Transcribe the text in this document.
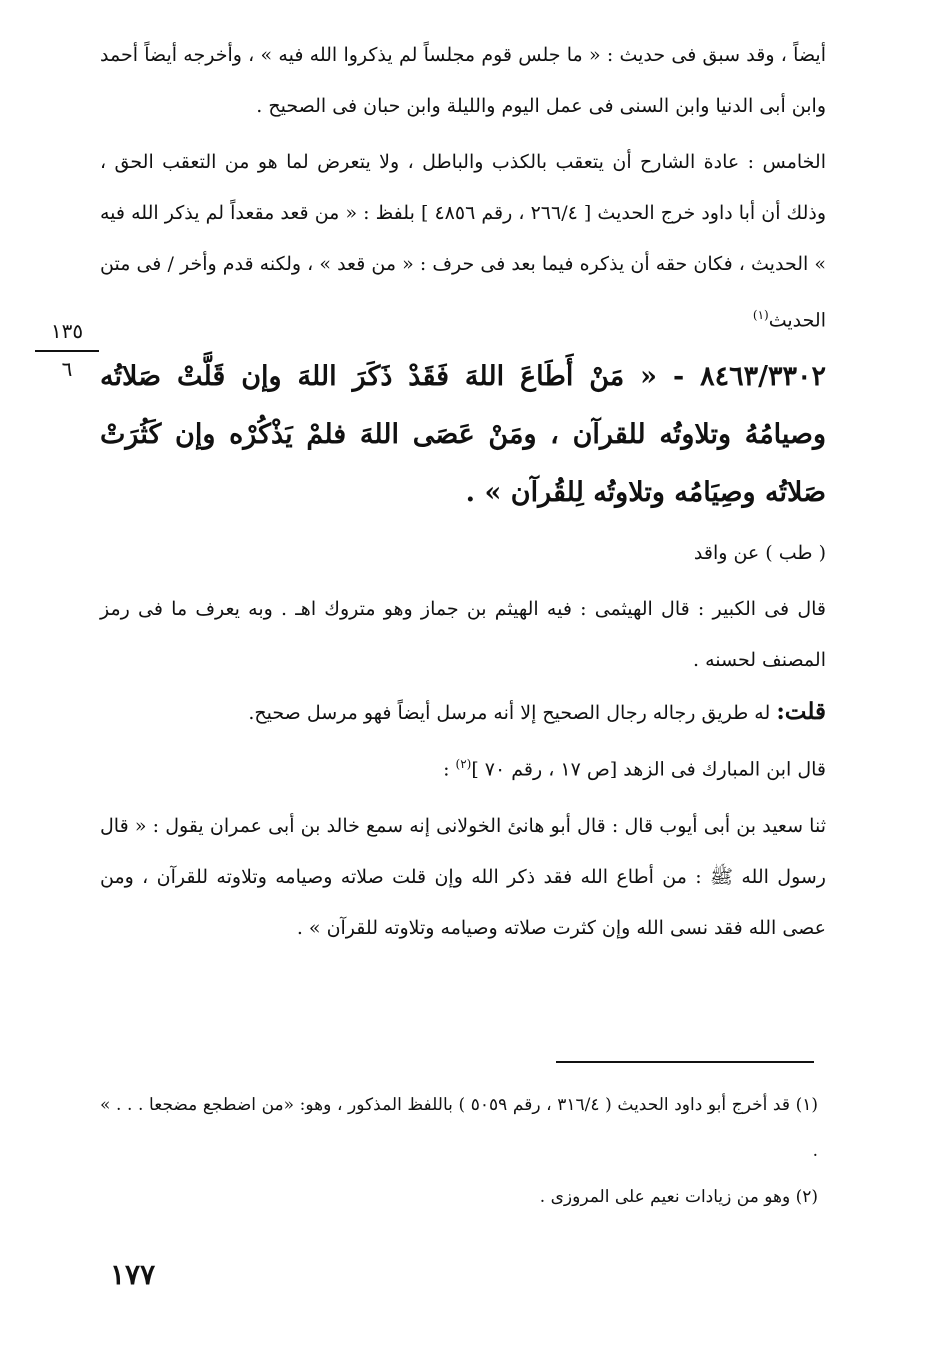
أيضاً ، وقد سبق فى حديث : « ما جلس قوم مجلساً لم يذكروا الله فيه » ، وأخرجه أيضاً أحمد وابن أبى الدنيا وابن السنى فى عمل اليوم والليلة وابن حبان فى الصحيح .

الخامس : عادة الشارح أن يتعقب بالكذب والباطل ، ولا يتعرض لما هو من التعقب الحق ، وذلك أن أبا داود خرج الحديث [ ٢٦٦/٤ ، رقم ٤٨٥٦ ] بلفظ : « من قعد مقعداً لم يذكر الله فيه » الحديث ، فكان حقه أن يذكره فيما بعد فى حرف : « من قعد » ، ولكنه قدم وأخر / فى متن الحديث$^{(١)}$

٨٤٦٣/٣٣٠٢ - « مَنْ أَطَاعَ اللهَ فَقَدْ ذَكَرَ اللهَ وإن قَلَّتْ صَلاتُه وصيامُهُ وتلاوتُه للقرآن ، ومَنْ عَصَى اللهَ فلمْ يَذْكُرْه وإن كَثُرَتْ صَلاتُه وصِيَامُه وتلاوتُه لِلقُرآن » .

( طب ) عن واقد

قال فى الكبير : قال الهيثمى : فيه الهيثم بن جماز وهو متروك اهـ . وبه يعرف ما فى رمز المصنف لحسنه .

قلت: له طريق رجاله رجال الصحيح إلا أنه مرسل أيضاً فهو مرسل صحيح.

قال ابن المبارك فى الزهد [ص ١٧ ، رقم ٧٠ ]$^{(٢)}$ :

ثنا سعيد بن أبى أيوب قال : قال أبو هانئ الخولانى إنه سمع خالد بن أبى عمران يقول : « قال رسول الله ﷺ : من أطاع الله فقد ذكر الله وإن قلت صلاته وصيامه وتلاوته للقرآن ، ومن عصى الله فقد نسى الله وإن كثرت صلاته وصيامه وتلاوته للقرآن » .

١٣٥
٦

(١) قد أخرج أبو داود الحديث ( ٣١٦/٤ ، رقم ٥٠٥٩ ) باللفظ المذكور ، وهو: «من اضطجع مضجعا . . . » .

(٢) وهو من زيادات نعيم على المروزى .

١٧٧
